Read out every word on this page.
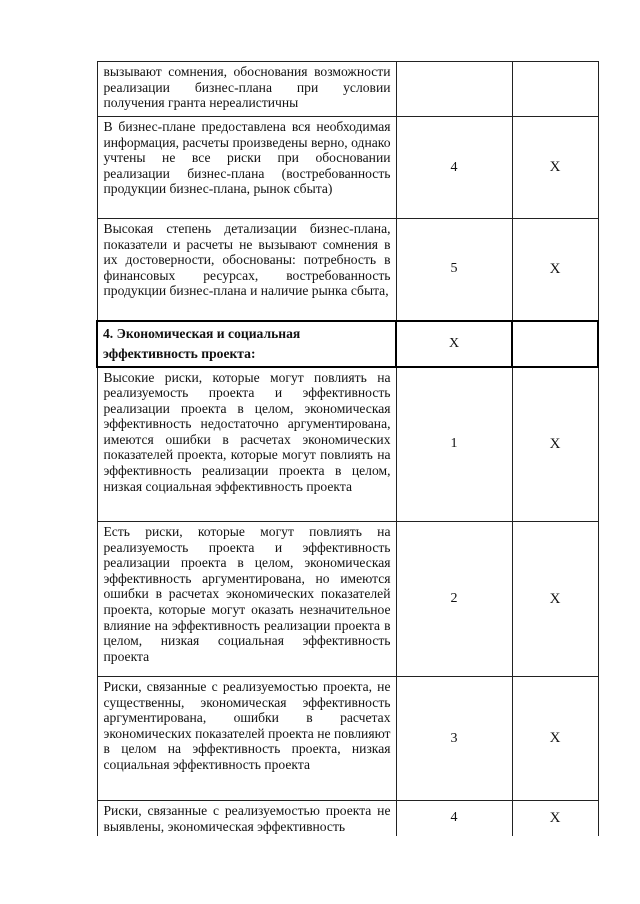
вызывают сомнения, обоснования возможности реализации бизнес-плана при условии получения гранта нереалистичны		
В бизнес-плане предоставлена вся необходимая информация, расчеты произведены верно, однако учтены не все риски при обосновании реализации бизнес-плана (востребованность продукции бизнес-плана, рынок сбыта)	4	X
Высокая степень детализации бизнес-плана, показатели и расчеты не вызывают сомнения в их достоверности, обоснованы: потребность в финансовых ресурсах, востребованность продукции бизнес-плана и наличие рынка сбыта,	5	X
4. Экономическая и социальная эффективность проекта:	X	
Высокие риски, которые могут повлиять на реализуемость проекта и эффективность реализации проекта в целом, экономическая эффективность недостаточно аргументирована, имеются ошибки в расчетах экономических показателей проекта, которые могут повлиять на эффективность реализации проекта в целом, низкая социальная эффективность проекта	1	X
Есть риски, которые могут повлиять на реализуемость проекта и эффективность реализации проекта в целом, экономическая эффективность аргументирована, но имеются ошибки в расчетах экономических показателей проекта, которые могут оказать незначительное влияние на эффективность реализации проекта в целом, низкая социальная эффективность проекта	2	X
Риски, связанные с реализуемостью проекта, не существенны, экономическая эффективность аргументирована, ошибки в расчетах экономических показателей проекта не повлияют в целом на эффективность проекта, низкая социальная эффективность проекта	3	X
Риски, связанные с реализуемостью проекта не выявлены, экономическая эффективность	4	X
